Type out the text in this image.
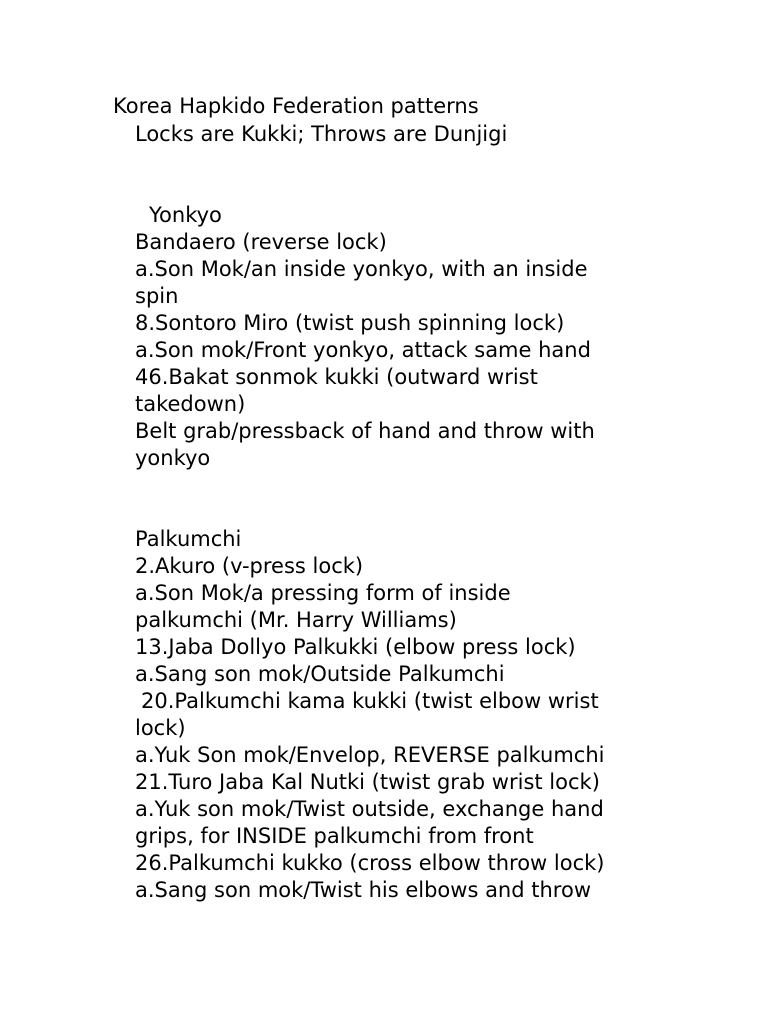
Korea Hapkido Federation patterns

Locks are Kukki; Throws are Dunjigi

Yonkyo

Bandaero (reverse lock)

a.Son Mok/an inside yonkyo, with an inside

spin

8.Sontoro Miro (twist push spinning lock)

a.Son mok/Front yonkyo, attack same hand

46.Bakat sonmok kukki (outward wrist

takedown)

Belt grab/pressback of hand and throw with

yonkyo

Palkumchi

2.Akuro (v-press lock)

a.Son Mok/a pressing form of inside

palkumchi (Mr. Harry Williams)

13.Jaba Dollyo Palkukki (elbow press lock)

a.Sang son mok/Outside Palkumchi

20.Palkumchi kama kukki (twist elbow wrist

lock)

a.Yuk Son mok/Envelop, REVERSE palkumchi

21.Turo Jaba Kal Nutki (twist grab wrist lock)

a.Yuk son mok/Twist outside, exchange hand

grips, for INSIDE palkumchi from front

26.Palkumchi kukko (cross elbow throw lock)

a.Sang son mok/Twist his elbows and throw
